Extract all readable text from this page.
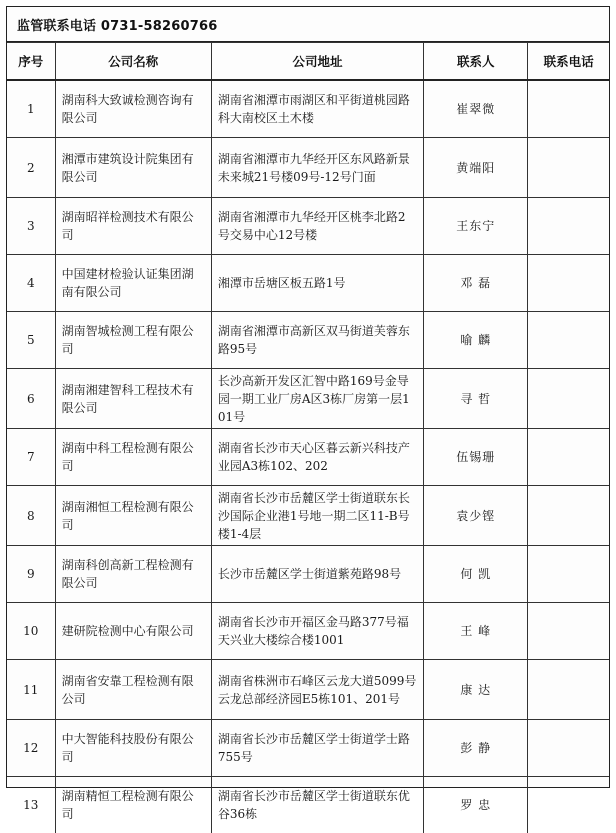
监管联系电话 0731-58260766
序号	公司名称	公司地址	联系人	联系电话
1	湖南科大致诚检测咨询有限公司	湖南省湘潭市雨湖区和平街道桃园路科大南校区土木楼	崔翠微	
2	湘潭市建筑设计院集团有限公司	湖南省湘潭市九华经开区东风路新景未来城21号楼09号-12号门面	黄端阳	
3	湖南昭祥检测技术有限公司	湖南省湘潭市九华经开区桃李北路2号交易中心12号楼	王东宁	
4	中国建材检验认证集团湖南有限公司	湘潭市岳塘区板五路1号	邓 磊	
5	湖南智城检测工程有限公司	湖南省湘潭市高新区双马街道芙蓉东路95号	喻 麟	
6	湖南湘建智科工程技术有限公司	长沙高新开发区汇智中路169号金导园一期工业厂房A区3栋厂房第一层101号	寻 哲	
7	湖南中科工程检测有限公司	湖南省长沙市天心区暮云新兴科技产业园A3栋102、202	伍锡珊	
8	湖南湘恒工程检测有限公司	湖南省长沙市岳麓区学士街道联东长沙国际企业港1号地一期二区11-B号楼1-4层	袁少铿	
9	湖南科创高新工程检测有限公司	长沙市岳麓区学士街道紫苑路98号	何 凯	
10	建研院检测中心有限公司	湖南省长沙市开福区金马路377号福天兴业大楼综合楼1001	王 峰	
11	湖南省安靠工程检测有限公司	湖南省株洲市石峰区云龙大道5099号云龙总部经济园E5栋101、201号	康 达	
12	中大智能科技股份有限公司	湖南省长沙市岳麓区学士街道学士路755号	彭 静	
13	湖南精恒工程检测有限公司	湖南省长沙市岳麓区学士街道联东优谷36栋	罗 忠	
